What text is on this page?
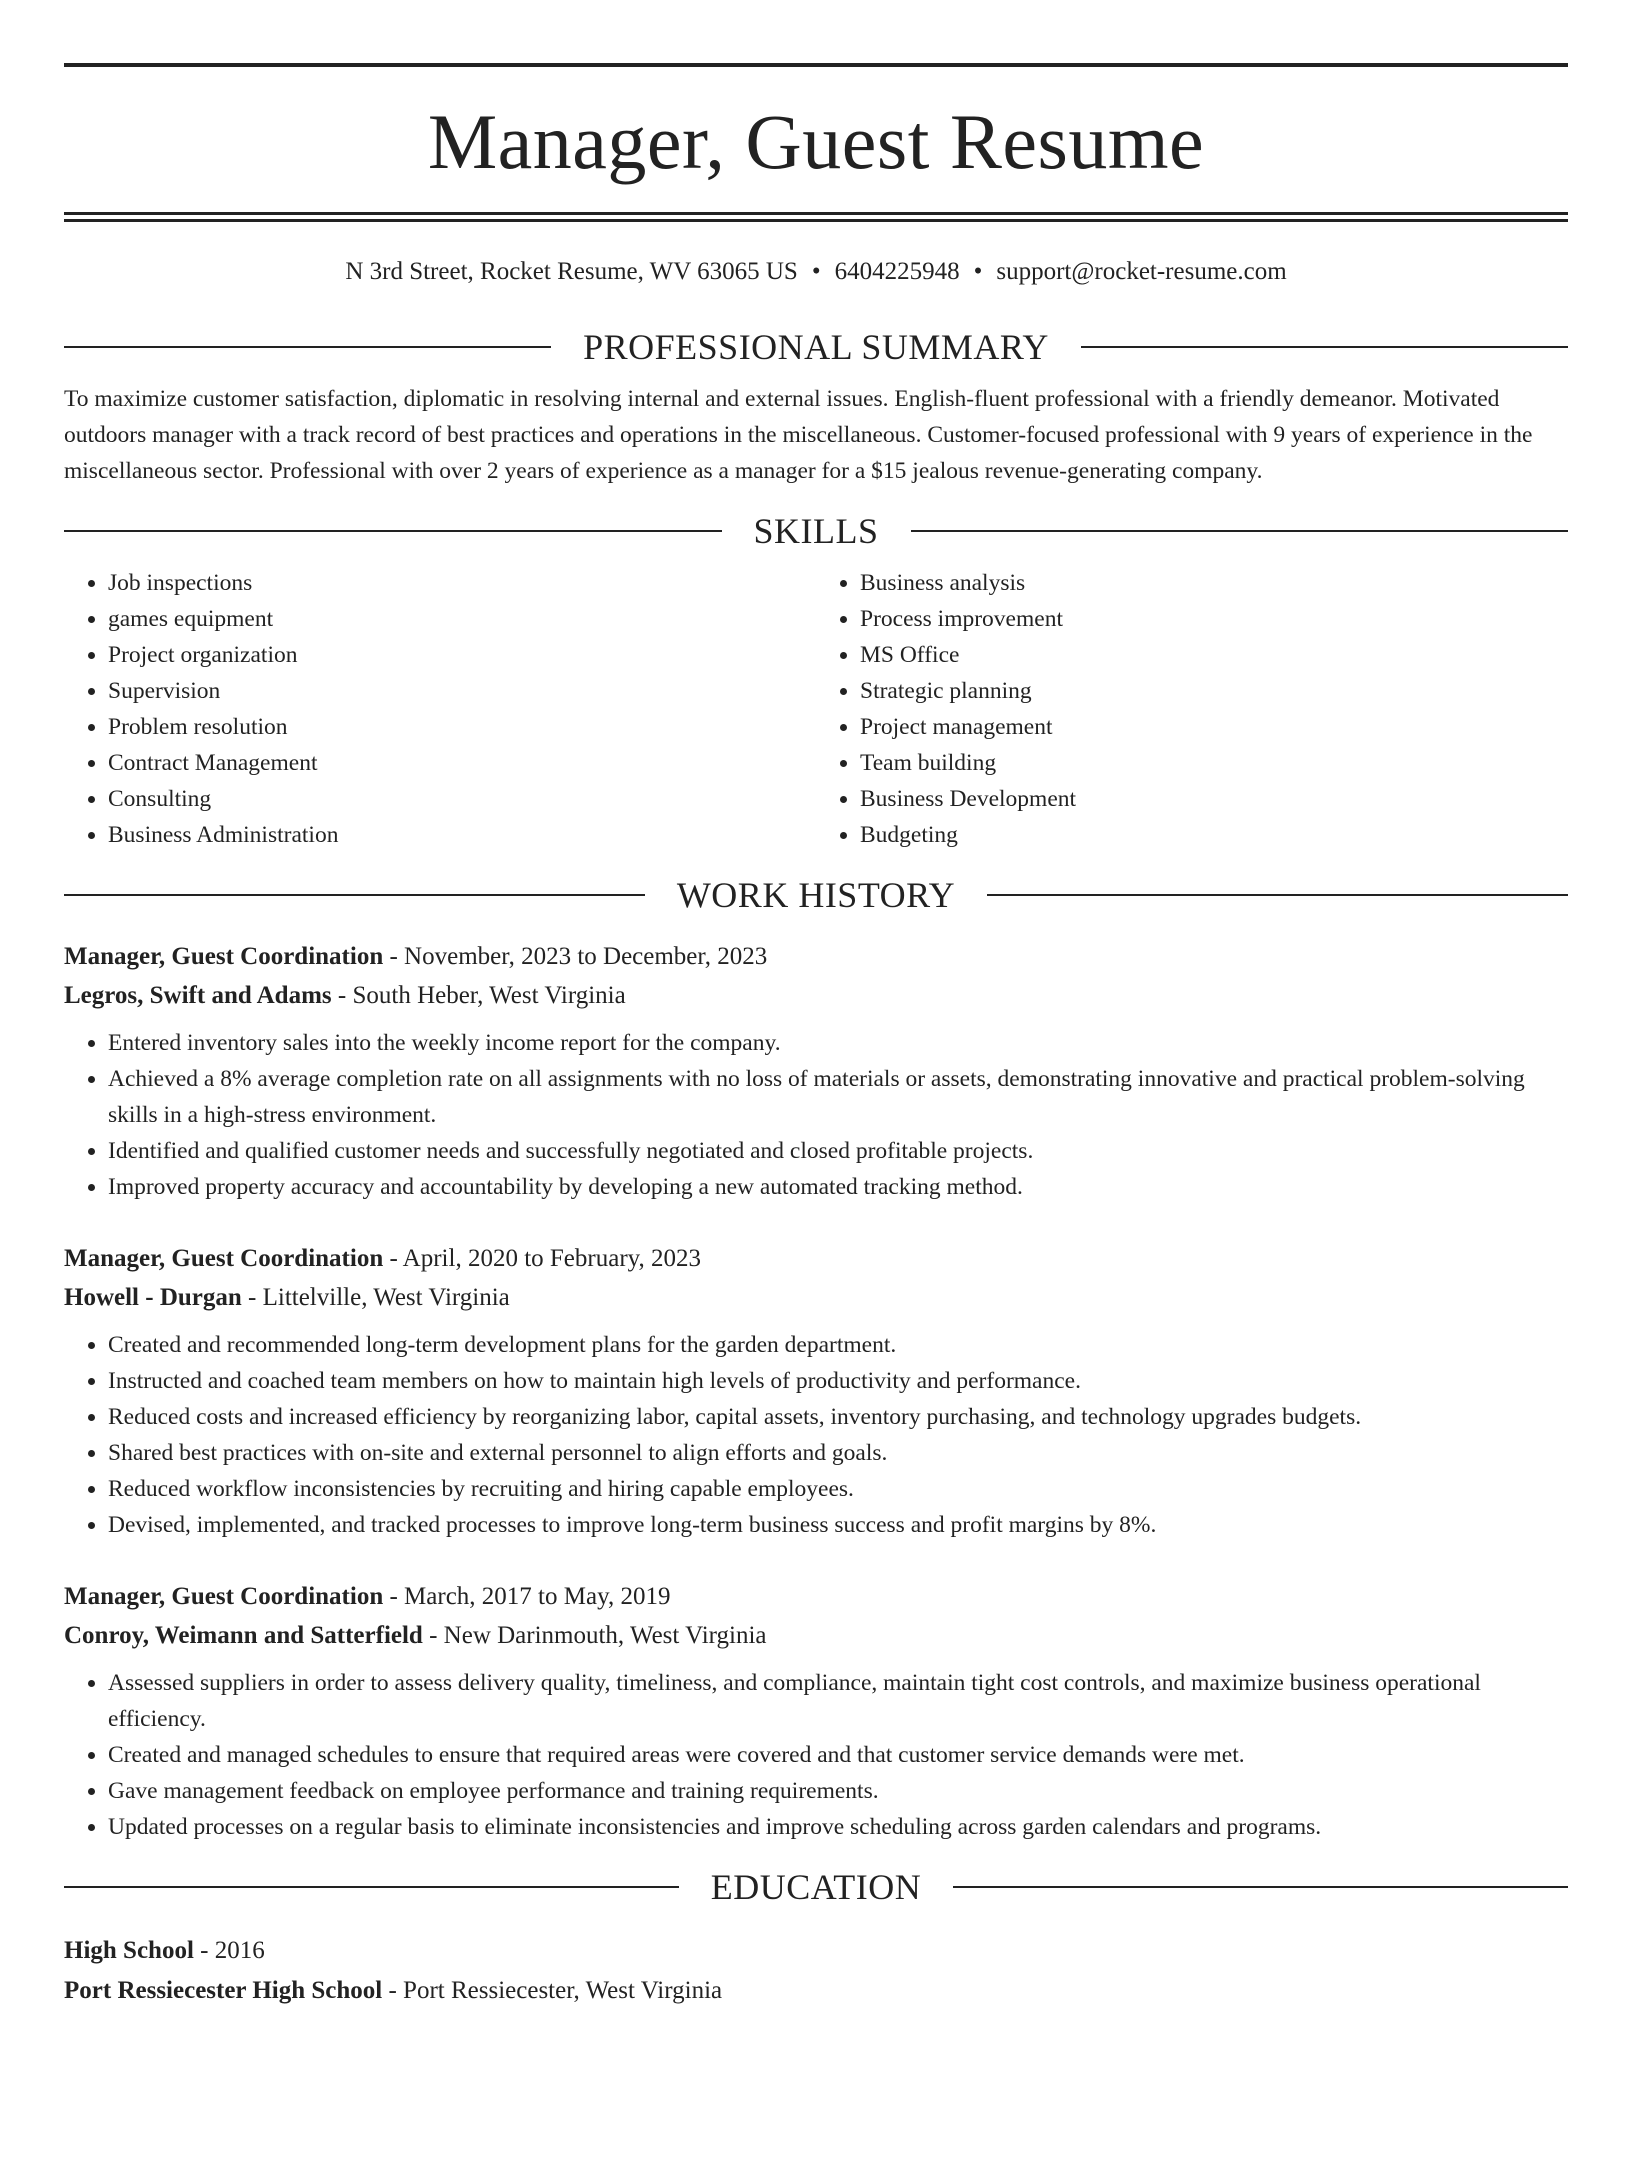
Manager, Guest Resume
N 3rd Street, Rocket Resume, WV 63065 US • 6404225948 • support@rocket-resume.com
PROFESSIONAL SUMMARY
To maximize customer satisfaction, diplomatic in resolving internal and external issues. English-fluent professional with a friendly demeanor. Motivated outdoors manager with a track record of best practices and operations in the miscellaneous. Customer-focused professional with 9 years of experience in the miscellaneous sector. Professional with over 2 years of experience as a manager for a $15 jealous revenue-generating company.
SKILLS
• Job inspections
• games equipment
• Project organization
• Supervision
• Problem resolution
• Contract Management
• Consulting
• Business Administration
• Business analysis
• Process improvement
• MS Office
• Strategic planning
• Project management
• Team building
• Business Development
• Budgeting
WORK HISTORY
Manager, Guest Coordination - November, 2023 to December, 2023
Legros, Swift and Adams - South Heber, West Virginia
• Entered inventory sales into the weekly income report for the company.
• Achieved a 8% average completion rate on all assignments with no loss of materials or assets, demonstrating innovative and practical problem-solving skills in a high-stress environment.
• Identified and qualified customer needs and successfully negotiated and closed profitable projects.
• Improved property accuracy and accountability by developing a new automated tracking method.
Manager, Guest Coordination - April, 2020 to February, 2023
Howell - Durgan - Littelville, West Virginia
• Created and recommended long-term development plans for the garden department.
• Instructed and coached team members on how to maintain high levels of productivity and performance.
• Reduced costs and increased efficiency by reorganizing labor, capital assets, inventory purchasing, and technology upgrades budgets.
• Shared best practices with on-site and external personnel to align efforts and goals.
• Reduced workflow inconsistencies by recruiting and hiring capable employees.
• Devised, implemented, and tracked processes to improve long-term business success and profit margins by 8%.
Manager, Guest Coordination - March, 2017 to May, 2019
Conroy, Weimann and Satterfield - New Darinmouth, West Virginia
• Assessed suppliers in order to assess delivery quality, timeliness, and compliance, maintain tight cost controls, and maximize business operational efficiency.
• Created and managed schedules to ensure that required areas were covered and that customer service demands were met.
• Gave management feedback on employee performance and training requirements.
• Updated processes on a regular basis to eliminate inconsistencies and improve scheduling across garden calendars and programs.
EDUCATION
High School - 2016
Port Ressiecester High School - Port Ressiecester, West Virginia
